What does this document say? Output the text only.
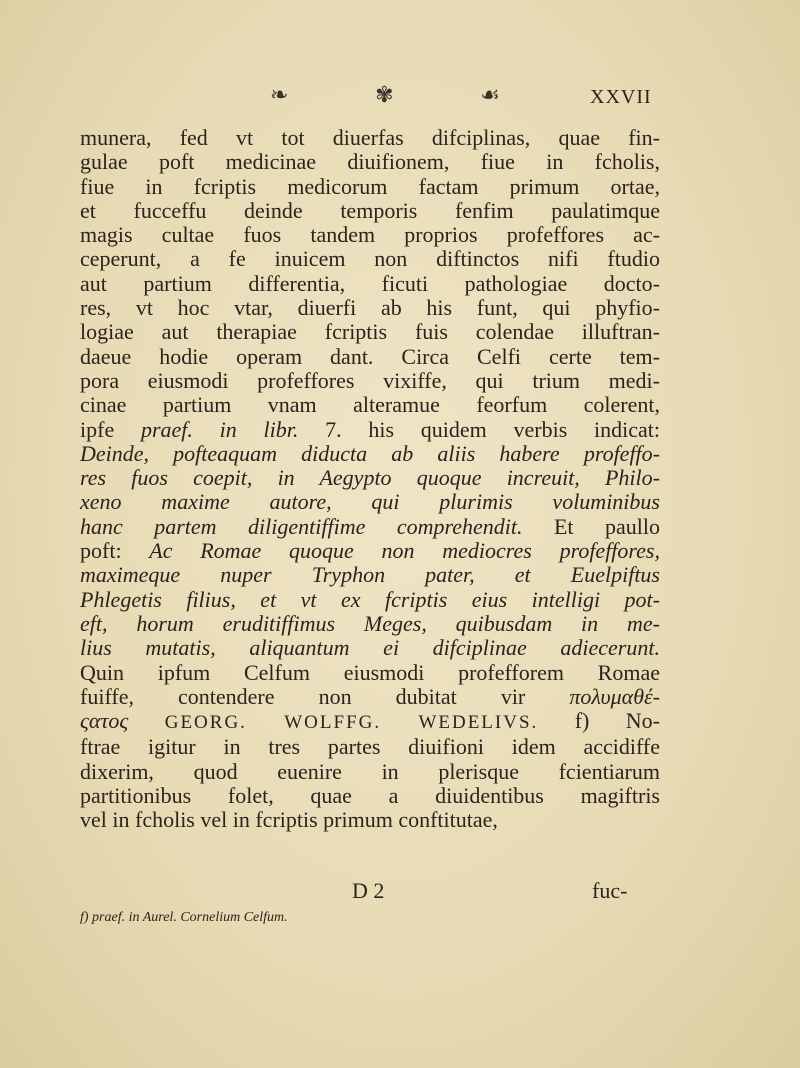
❧	✾	☙	XXVII
munera, fed vt tot diuerfas difciplinas, quae fin-
gulae poft medicinae diuifionem, fiue in fcholis,
fiue in fcriptis medicorum factam primum ortae,
et fucceffu deinde temporis fenfim paulatimque
magis cultae fuos tandem proprios profeffores ac-
ceperunt, a fe inuicem non diftinctos nifi ftudio
aut partium differentia, ficuti pathologiae docto-
res, vt hoc vtar, diuerfi ab his funt, qui phyfio-
logiae aut therapiae fcriptis fuis colendae illuftran-
daeue hodie operam dant. Circa Celfi certe tem-
pora eiusmodi profeffores vixiffe, qui trium medi-
cinae partium vnam alteramue feorfum colerent,
ipfe praef. in libr. 7. his quidem verbis indicat:
Deinde, pofteaquam diducta ab aliis habere profeffo-
res fuos coepit, in Aegypto quoque increuit, Philo-
xeno maxime autore, qui plurimis voluminibus
hanc partem diligentiffime comprehendit. Et paullo
poft: Ac Romae quoque non mediocres profeffores,
maximeque nuper Tryphon pater, et Euelpiftus
Phlegetis filius, et vt ex fcriptis eius intelligi pot-
eft, horum eruditiffimus Meges, quibusdam in me-
lius mutatis, aliquantum ei difciplinae adiecerunt.
Quin ipfum Celfum eiusmodi profefforem Romae
fuiffe, contendere non dubitat vir πολυμαθέ-
ςατος GEORG. WOLFFG. WEDELIVS. f) No-
ftrae igitur in tres partes diuifioni idem accidiffe
dixerim, quod euenire in plerisque fcientiarum
partitionibus folet, quae a diuidentibus magiftris
vel in fcholis vel in fcriptis primum conftitutae,
D 2	fuc-
f) praef. in Aurel. Cornelium Celfum.
